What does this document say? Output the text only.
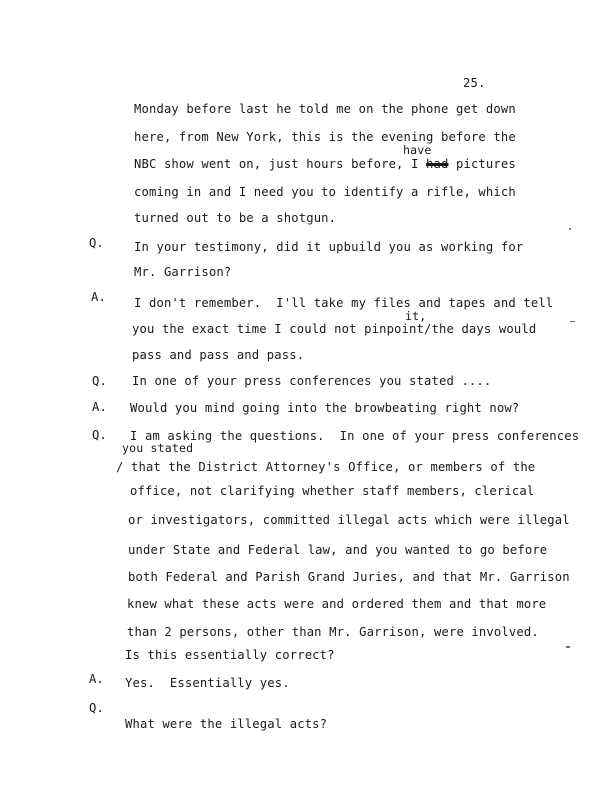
25.
Monday before last he told me on the phone get down
here, from New York, this is the evening before the
have
NBC show went on, just hours before, I had pictures
coming in and I need you to identify a rifle, which
turned out to be a shotgun.
Q. In your testimony, did it upbuild you as working for
Mr. Garrison?
A. I don't remember.  I'll take my files and tapes and tell
it,
you the exact time I could not pinpoint/the days would
pass and pass and pass.
Q. In one of your press conferences you stated ....
A. Would you mind going into the browbeating right now?
Q. I am asking the questions.  In one of your press conferences
you stated
/ that the District Attorney's Office, or members of the
office, not clarifying whether staff members, clerical
or investigators, committed illegal acts which were illegal
under State and Federal law, and you wanted to go before
both Federal and Parish Grand Juries, and that Mr. Garrison
knew what these acts were and ordered them and that more
than 2 persons, other than Mr. Garrison, were involved.
Is this essentially correct?
A. Yes.  Essentially yes.
Q.
What were the illegal acts?
